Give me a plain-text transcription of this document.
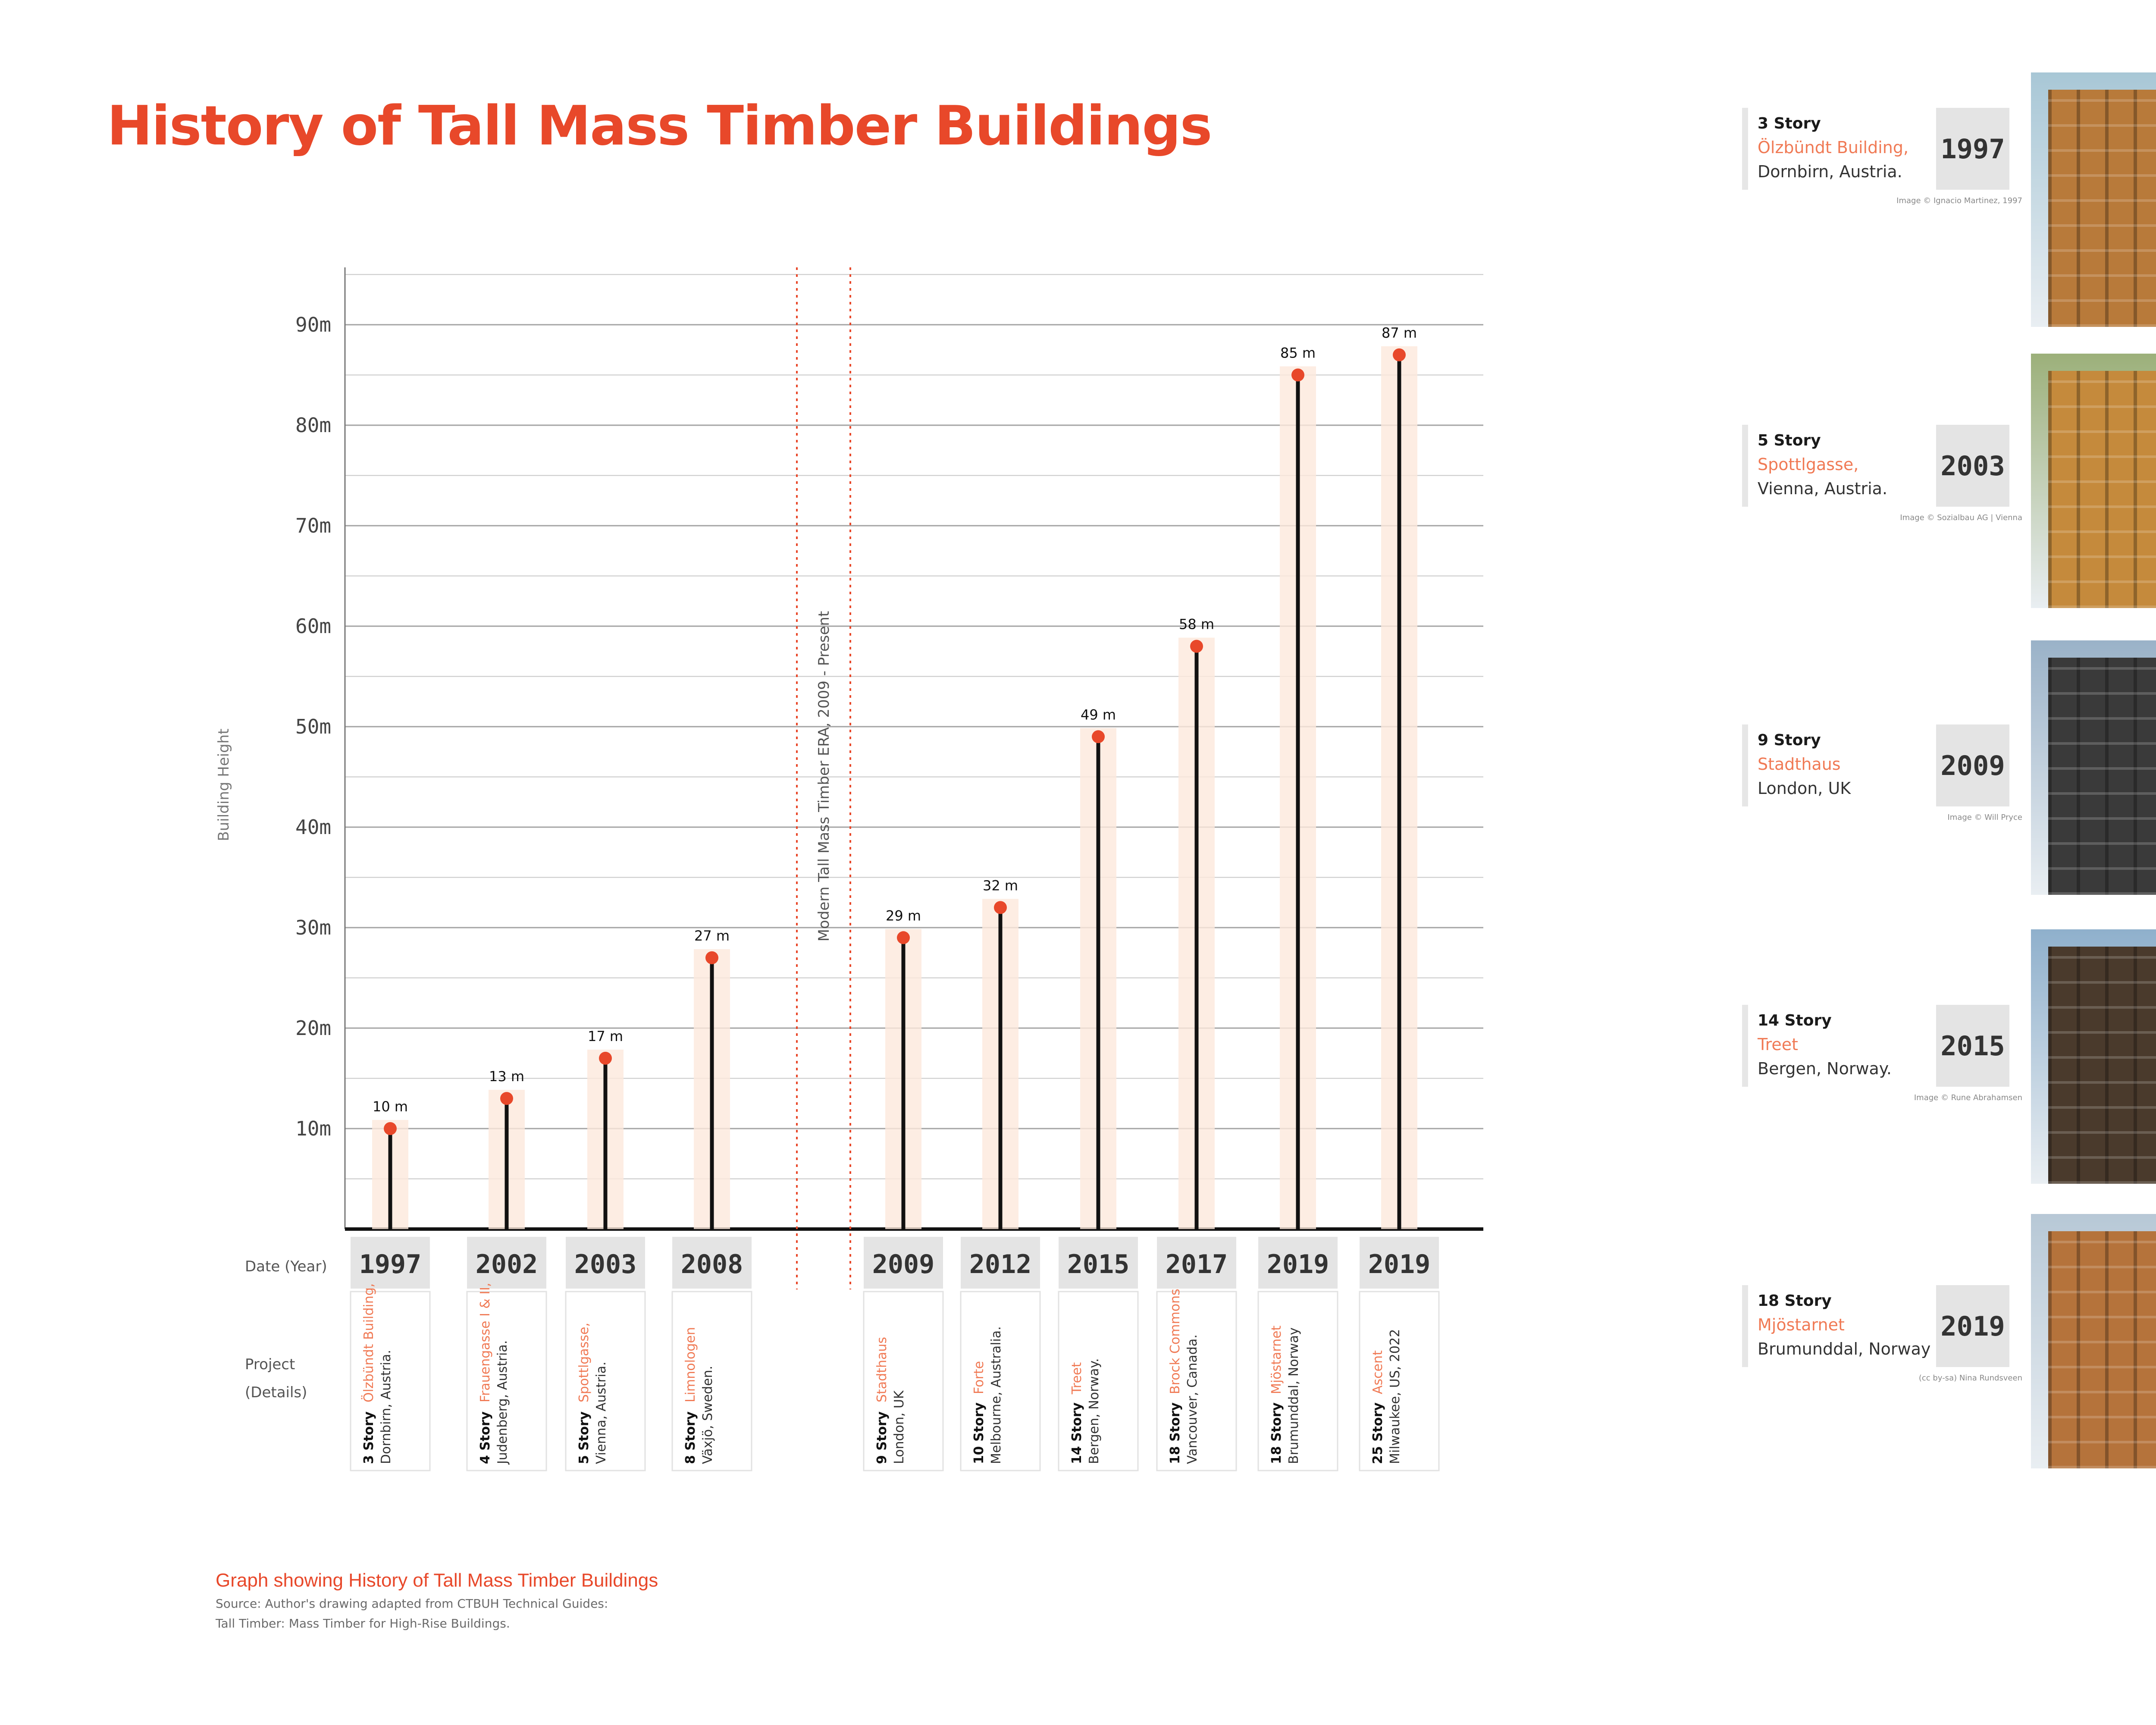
History of Tall Mass Timber Buildings
10m
20m
30m
40m
50m
60m
70m
80m
90m
Building Height	Modern Tall Mass Timber ERA, 2009 - Present
Date (Year)
Project
(Details)
10 m
1997
3 Story
Ölzbündt Building,
Dornbirn, Austria.
13 m
2002
4 Story
Frauengasse I & II, Judenberg, Austria.
17 m
2003
5 Story
Spottlgasse, Vienna, Austria.
27 m
2008
8 Story
Limnologen
Växjö, Sweden.
29 m
2009
9 Story
Stadthaus
London, UK
32 m
2012
10 Story
Forte Melbourne, Australia.
49 m
2015
14 Story
Treet Bergen, Norway.
58 m
2017
18 Story
Brock Commons Vancouver, Canada.
85 m
2019
18 Story
Mjöstarnet Brumunddal, Norway
87 m
2019
25 Story
Ascent Milwaukee, US, 2022
Graph showing History of Tall Mass Timber Buildings
Source: Author's drawing adapted from CTBUH Technical Guides:
Tall Timber: Mass Timber for High-Rise Buildings.
3 Story
Ölzbündt Building,
Dornbirn, Austria.
1997
Image © Ignacio Martinez, 1997
5 Story
Spottlgasse,
Vienna, Austria.
2003
Image © Sozialbau AG | Vienna
9 Story
Stadthaus
London, UK
2009
Image © Will Pryce
14 Story
Treet
Bergen, Norway.
2015
Image © Rune Abrahamsen
18 Story
Mjöstarnet
Brumunddal, Norway
2019
(cc by-sa) Nina Rundsveen
